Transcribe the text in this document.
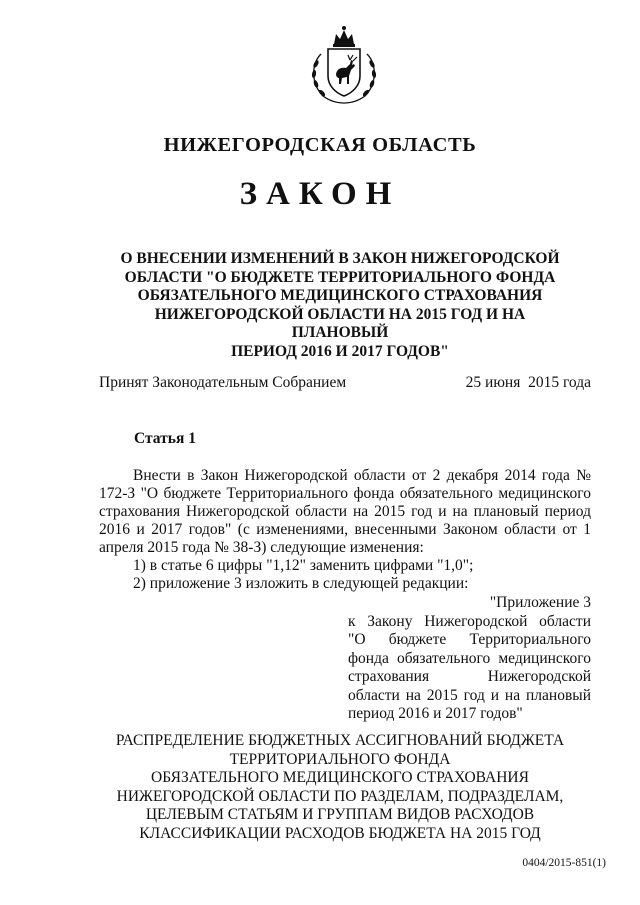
НИЖЕГОРОДСКАЯ ОБЛАСТЬ
ЗАКОН

О ВНЕСЕНИИ ИЗМЕНЕНИЙ В ЗАКОН НИЖЕГОРОДСКОЙ
ОБЛАСТИ "О БЮДЖЕТЕ ТЕРРИТОРИАЛЬНОГО ФОНДА
ОБЯЗАТЕЛЬНОГО МЕДИЦИНСКОГО СТРАХОВАНИЯ
НИЖЕГОРОДСКОЙ ОБЛАСТИ НА 2015 ГОД И НА ПЛАНОВЫЙ
ПЕРИОД 2016 И 2017 ГОДОВ"

Принят Законодательным Собранием	25 июня  2015 года
Статья 1

Внести в Закон Нижегородской области от 2 декабря 2014 года № 172-З "О бюджете Территориального фонда обязательного медицинского страхования Нижегородской области на 2015 год и на плановый период 2016 и 2017 годов" (с изменениями, внесенными Законом области от 1 апреля 2015 года № 38-З) следующие изменения:

1) в статье 6 цифры "1,12" заменить цифрами "1,0";
2) приложение 3 изложить в следующей редакции:

"Приложение 3
к Закону Нижегородской области
"О бюджете Территориального
фонда обязательного медицинского
страхования Нижегородской
области на 2015 год и на плановый
период 2016 и 2017 годов"

РАСПРЕДЕЛЕНИЕ БЮДЖЕТНЫХ АССИГНОВАНИЙ БЮДЖЕТА
ТЕРРИТОРИАЛЬНОГО ФОНДА
ОБЯЗАТЕЛЬНОГО МЕДИЦИНСКОГО СТРАХОВАНИЯ
НИЖЕГОРОДСКОЙ ОБЛАСТИ ПО РАЗДЕЛАМ, ПОДРАЗДЕЛАМ,
ЦЕЛЕВЫМ СТАТЬЯМ И ГРУППАМ ВИДОВ РАСХОДОВ
КЛАССИФИКАЦИИ РАСХОДОВ БЮДЖЕТА НА 2015 ГОД

0404/2015-851(1)
